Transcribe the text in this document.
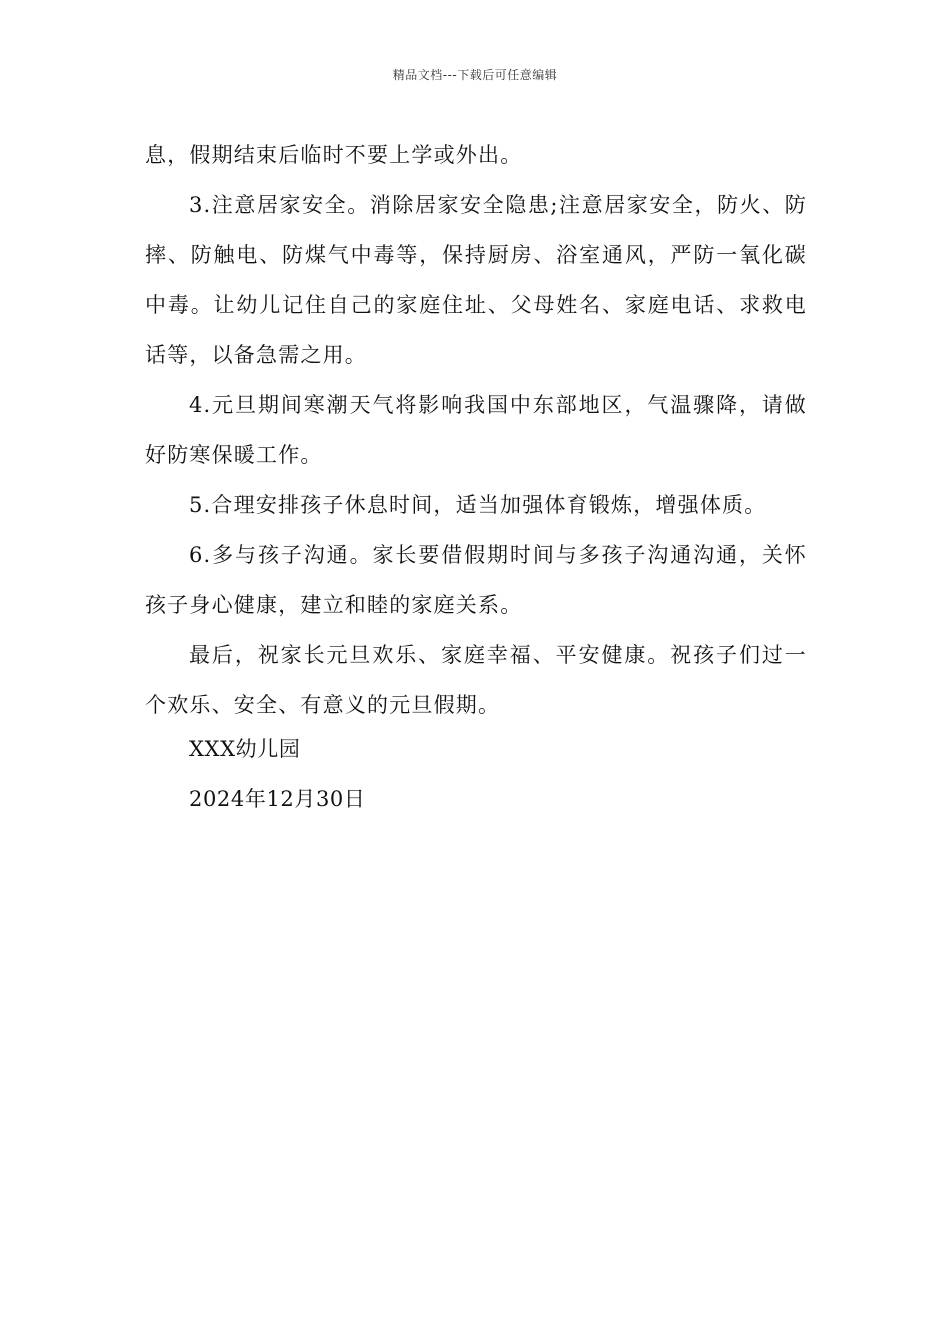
精品文档---下载后可任意编辑

息，假期结束后临时不要上学或外出。

3.注意居家安全。消除居家安全隐患;注意居家安全，防火、防摔、防触电、防煤气中毒等，保持厨房、浴室通风，严防一氧化碳中毒。让幼儿记住自己的家庭住址、父母姓名、家庭电话、求救电话等，以备急需之用。

4.元旦期间寒潮天气将影响我国中东部地区，气温骤降，请做好防寒保暖工作。

5.合理安排孩子休息时间，适当加强体育锻炼，增强体质。

6.多与孩子沟通。家长要借假期时间与多孩子沟通沟通，关怀孩子身心健康，建立和睦的家庭关系。

最后，祝家长元旦欢乐、家庭幸福、平安健康。祝孩子们过一个欢乐、安全、有意义的元旦假期。

XXX幼儿园
2024年12月30日
